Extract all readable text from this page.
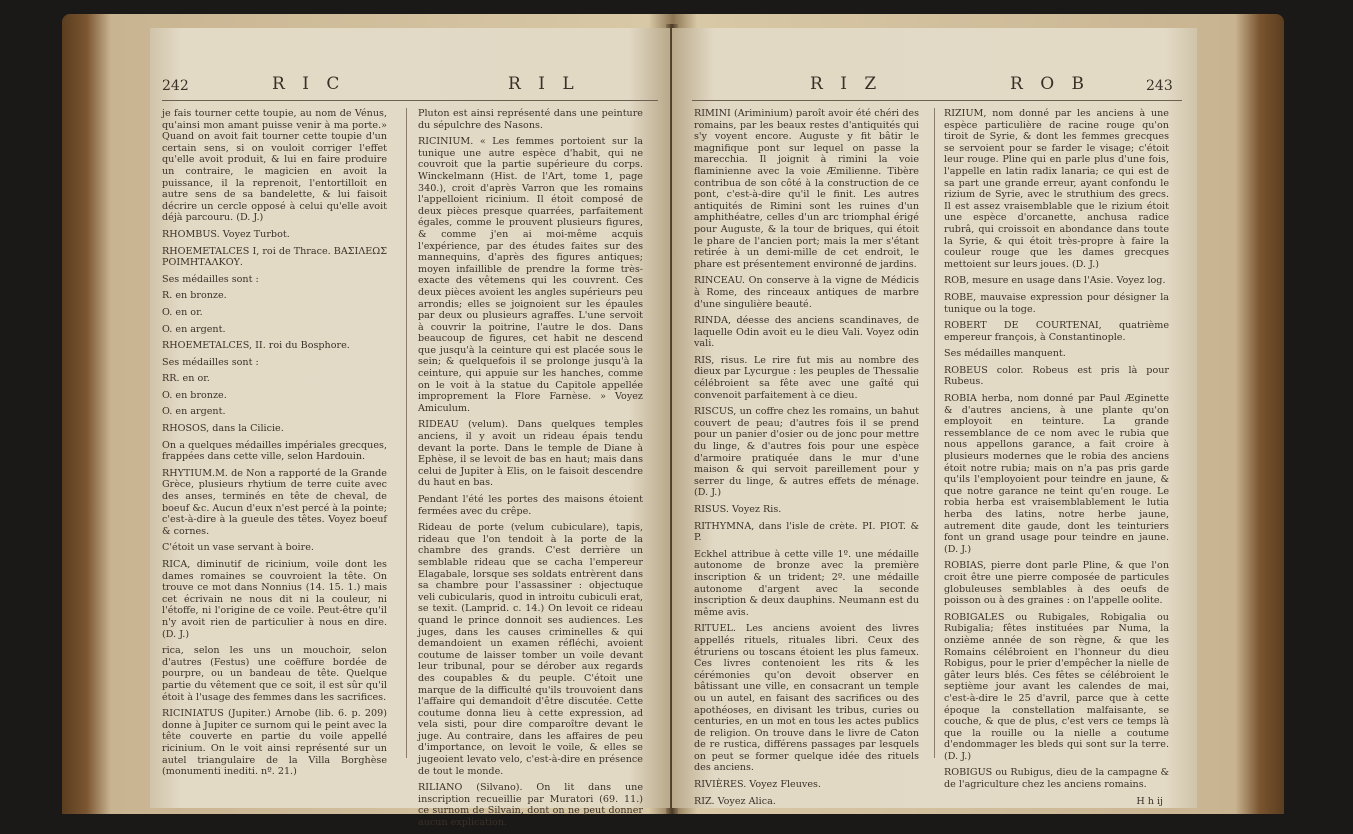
242	R I C	R I L

je fais tourner cette toupie, au nom de Vénus, qu'ainsi mon amant puisse venir à ma porte.» Quand on avoit fait tourner cette toupie d'un certain sens, si on vouloit corriger l'effet qu'elle avoit produit, & lui en faire produire un contraire, le magicien en avoit la puissance, il la reprenoit, l'entortilloit en autre sens de sa bandelette, & lui faisoit décrire un cercle opposé à celui qu'elle avoit déjà parcouru. (D. J.)

RHOMBUS. Voyez Turbot.

RHOEMETALCES I, roi de Thrace. ΒΑΣΙΛΕΩΣ ΡΟΙΜΗΤΑΛΚΟΥ.

Ses médailles sont :

R. en bronze.

O. en or.

O. en argent.

RHOEMETALCES, II. roi du Bosphore.

Ses médailles sont :

RR. en or.

O. en bronze.

O. en argent.

RHOSOS, dans la Cilicie.

On a quelques médailles impériales grecques, frappées dans cette ville, selon Hardouin.

RHYTIUM.M. de Non a rapporté de la Grande Grèce, plusieurs rhytium de terre cuite avec des anses, terminés en tête de cheval, de boeuf &c. Aucun d'eux n'est percé à la pointe; c'est-à-dire à la gueule des têtes. Voyez boeuf & cornes.

C'étoit un vase servant à boire.

RICA, diminutif de ricinium, voile dont les dames romaines se couvroient la tête. On trouve ce mot dans Nonnius (14. 15. 1.) mais cet écrivain ne nous dit ni la couleur, ni l'étoffe, ni l'origine de ce voile. Peut-être qu'il n'y avoit rien de particulier à nous en dire. (D. J.)

rica, selon les uns un mouchoir, selon d'autres (Festus) une coëffure bordée de pourpre, ou un bandeau de tête. Quelque partie du vêtement que ce soit, il est sûr qu'il étoit à l'usage des femmes dans les sacrifices.

RICINIATUS (Jupiter.) Arnobe (lib. 6. p. 209) donne à Jupiter ce surnom qui le peint avec la tête couverte en partie du voile appellé ricinium. On le voit ainsi représenté sur un autel triangulaire de la Villa Borghèse (monumenti inediti. nº. 21.)

Pluton est ainsi représenté dans une peinture du sépulchre des Nasons.

RICINIUM. « Les femmes portoient sur la tunique une autre espèce d'habit, qui ne couvroit que la partie supérieure du corps. Winckelmann (Hist. de l'Art, tome 1, page 340.), croit d'après Varron que les romains l'appelloient ricinium. Il étoit composé de deux pièces presque quarrées, parfaitement égales, comme le prouvent plusieurs figures, & comme j'en ai moi-même acquis l'expérience, par des études faites sur des mannequins, d'après des figures antiques; moyen infaillible de prendre la forme très-exacte des vêtemens qui les couvrent. Ces deux pièces avoient les angles supérieurs peu arrondis; elles se joignoient sur les épaules par deux ou plusieurs agraffes. L'une servoit à couvrir la poitrine, l'autre le dos. Dans beaucoup de figures, cet habit ne descend que jusqu'à la ceinture qui est placée sous le sein; & quelquefois il se prolonge jusqu'à la ceinture, qui appuie sur les hanches, comme on le voit à la statue du Capitole appellée improprement la Flore Farnèse. » Voyez Amiculum.

RIDEAU (velum). Dans quelques temples anciens, il y avoit un rideau épais tendu devant la porte. Dans le temple de Diane à Ephèse, il se levoit de bas en haut; mais dans celui de Jupiter à Elis, on le faisoit descendre du haut en bas.

Pendant l'été les portes des maisons étoient fermées avec du crêpe.

Rideau de porte (velum cubiculare), tapis, rideau que l'on tendoit à la porte de la chambre des grands. C'est derrière un semblable rideau que se cacha l'empereur Elagabale, lorsque ses soldats entrèrent dans sa chambre pour l'assassiner : objectuque veli cubicularis, quod in introitu cubiculi erat, se texit. (Lamprid. c. 14.) On levoit ce rideau quand le prince donnoit ses audiences. Les juges, dans les causes criminelles & qui demandoient un examen réfléchi, avoient coutume de laisser tomber un voile devant leur tribunal, pour se dérober aux regards des coupables & du peuple. C'étoit une marque de la difficulté qu'ils trouvoient dans l'affaire qui demandoit d'être discutée. Cette coutume donna lieu à cette expression, ad vela sisti, pour dire comparoître devant le juge. Au contraire, dans les affaires de peu d'importance, on levoit le voile, & elles se jugeoient levato velo, c'est-à-dire en présence de tout le monde.

RILIANO (Silvano). On lit dans une inscription recueillie par Muratori (69. 11.) ce surnom de Silvain, dont on ne peut donner aucun explication.

R I Z	R O B	243

RIMINI (Ariminium) paroît avoir été chéri des romains, par les beaux restes d'antiquités qui s'y voyent encore. Auguste y fit bâtir le magnifique pont sur lequel on passe la marecchia. Il joignit à rimini la voie flaminienne avec la voie Æmilienne. Tibère contribua de son côté à la construction de ce pont, c'est-à-dire qu'il le finit. Les autres antiquités de Rimini sont les ruines d'un amphithéatre, celles d'un arc triomphal érigé pour Auguste, & la tour de briques, qui étoit le phare de l'ancien port; mais la mer s'étant retirée à un demi-mille de cet endroit, le phare est présentement environné de jardins.

RINCEAU. On conserve à la vigne de Médicis à Rome, des rinceaux antiques de marbre d'une singulière beauté.

RINDA, déesse des anciens scandinaves, de laquelle Odin avoit eu le dieu Vali. Voyez odin vali.

RIS, risus. Le rire fut mis au nombre des dieux par Lycurgue : les peuples de Thessalie célébroient sa fête avec une gaîté qui convenoit parfaitement à ce dieu.

RISCUS, un coffre chez les romains, un bahut couvert de peau; d'autres fois il se prend pour un panier d'osier ou de jonc pour mettre du linge, & d'autres fois pour une espèce d'armoire pratiquée dans le mur d'une maison & qui servoit pareillement pour y serrer du linge, & autres effets de ménage. (D. J.)

RISUS. Voyez Ris.

RITHYMNA, dans l'isle de crète. PI. PIOT. & P.

Eckhel attribue à cette ville 1º. une médaille autonome de bronze avec la première inscription & un trident; 2º. une médaille autonome d'argent avec la seconde inscription & deux dauphins. Neumann est du même avis.

RITUEL. Les anciens avoient des livres appellés rituels, rituales libri. Ceux des étruriens ou toscans étoient les plus fameux. Ces livres contenoient les rits & les cérémonies qu'on devoit observer en bâtissant une ville, en consacrant un temple ou un autel, en faisant des sacrifices ou des apothéoses, en divisant les tribus, curies ou centuries, en un mot en tous les actes publics de religion. On trouve dans le livre de Caton de re rustica, différens passages par lesquels on peut se former quelque idée des rituels des anciens.

RIVIÈRES. Voyez Fleuves.

RIZ. Voyez Alica.

RIZIUM, nom donné par les anciens à une espèce particulière de racine rouge qu'on tiroit de Syrie, & dont les femmes grecques se servoient pour se farder le visage; c'étoit leur rouge. Pline qui en parle plus d'une fois, l'appelle en latin radix lanaria; ce qui est de sa part une grande erreur, ayant confondu le rizium de Syrie, avec le struthium des grecs. Il est assez vraisemblable que le rizium étoit une espèce d'orcanette, anchusa radice rubrâ, qui croissoit en abondance dans toute la Syrie, & qui étoit très-propre à faire la couleur rouge que les dames grecques mettoient sur leurs joues. (D. J.)

ROB, mesure en usage dans l'Asie. Voyez log.

ROBE, mauvaise expression pour désigner la tunique ou la toge.

ROBERT DE COURTENAI, quatrième empereur françois, à Constantinople.

Ses médailles manquent.

ROBEUS color. Robeus est pris là pour Rubeus.

ROBIA herba, nom donné par Paul Æginette & d'autres anciens, à une plante qu'on employoit en teinture. La grande ressemblance de ce nom avec le rubia que nous appellons garance, a fait croire à plusieurs modernes que le robia des anciens étoit notre rubia; mais on n'a pas pris garde qu'ils l'employoient pour teindre en jaune, & que notre garance ne teint qu'en rouge. Le robia herba est vraisemblablement le lutia herba des latins, notre herbe jaune, autrement dite gaude, dont les teinturiers font un grand usage pour teindre en jaune. (D. J.)

ROBIAS, pierre dont parle Pline, & que l'on croit être une pierre composée de particules globuleuses semblables à des oeufs de poisson ou à des graines : on l'appelle oolite.

ROBIGALES ou Rubigales, Robigalia ou Rubigalia; fêtes instituées par Numa, la onzième année de son règne, & que les Romains célébroient en l'honneur du dieu Robigus, pour le prier d'empêcher la nielle de gâter leurs blés. Ces fêtes se célébroient le septième jour avant les calendes de mai, c'est-à-dire le 25 d'avril, parce que à cette époque la constellation malfaisante, se couche, & que de plus, c'est vers ce temps là que la rouille ou la nielle a coutume d'endommager les bleds qui sont sur la terre. (D. J.)

ROBIGUS ou Rubigus, dieu de la campagne & de l'agriculture chez les anciens romains.

H h ij
